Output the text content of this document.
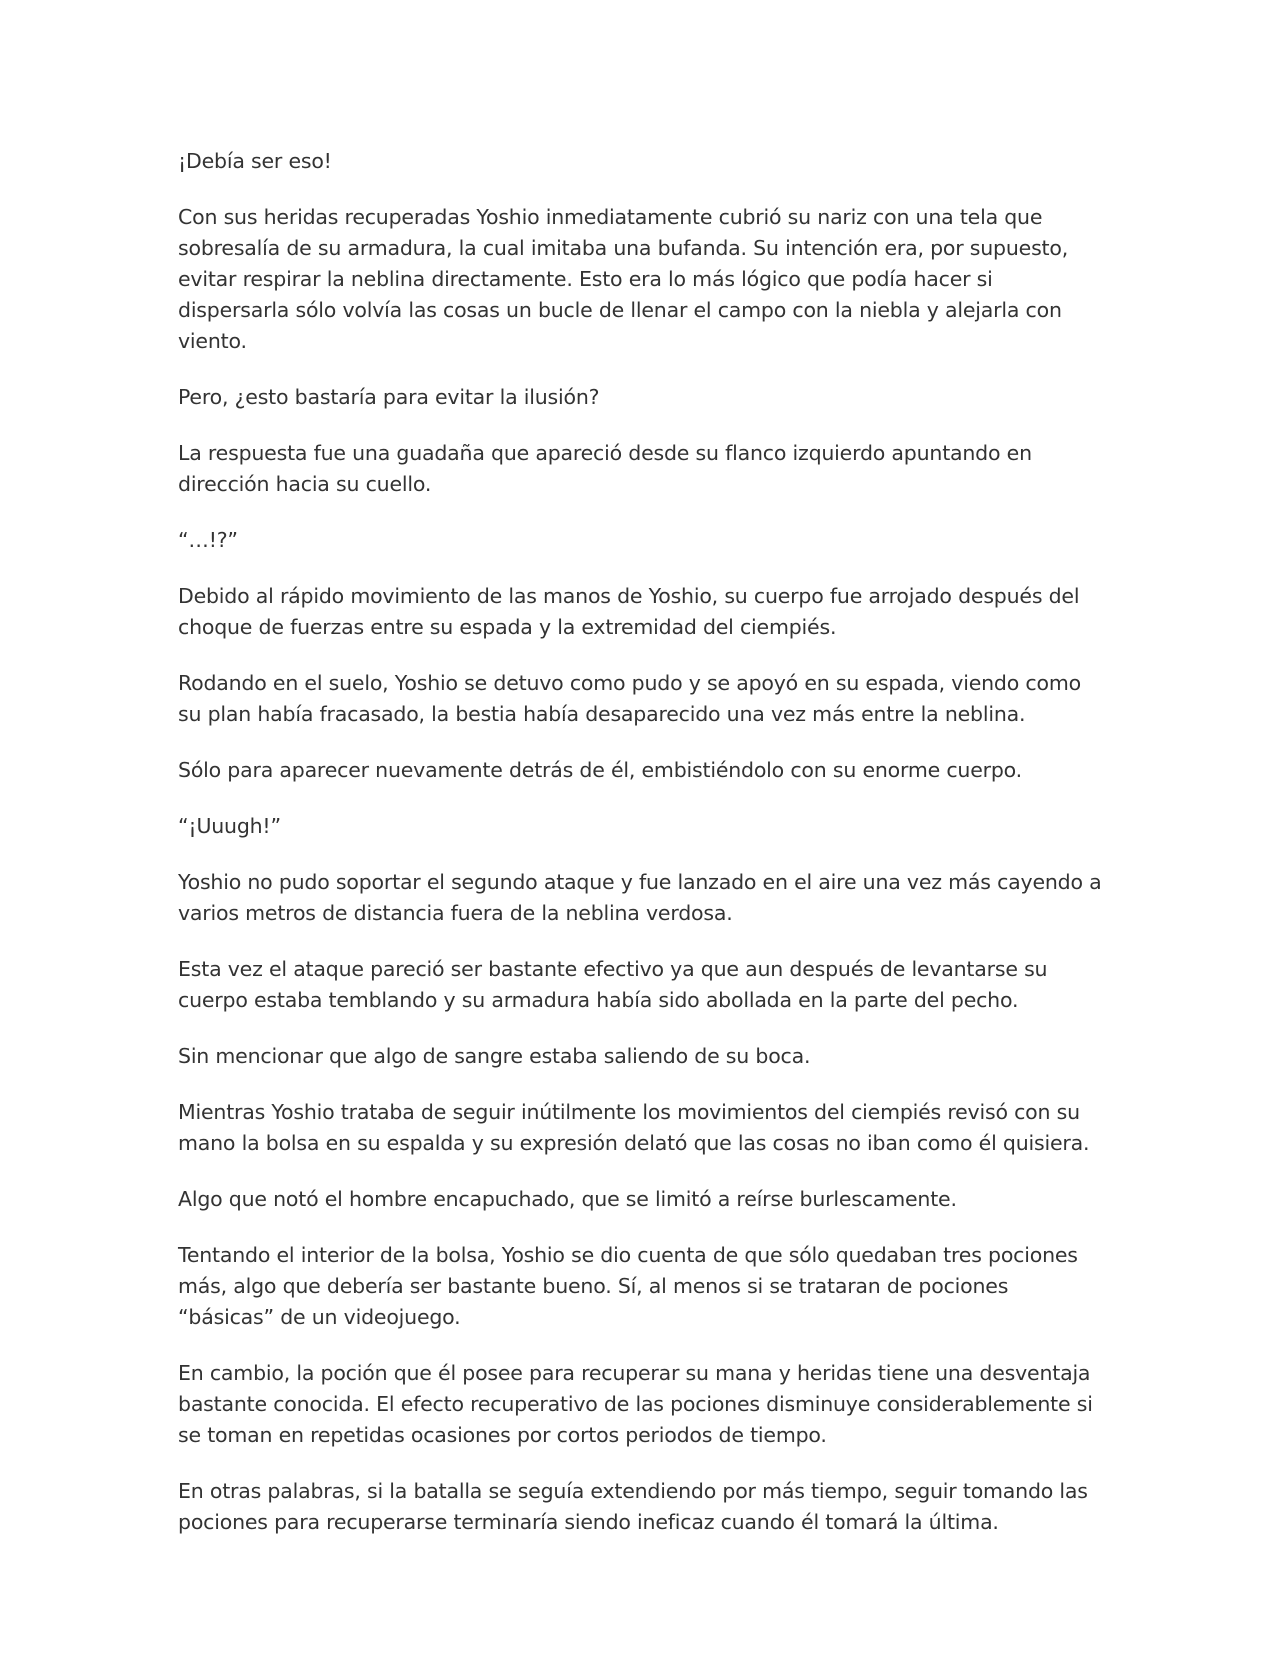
¡Debía ser eso!

Con sus heridas recuperadas Yoshio inmediatamente cubrió su nariz con una tela que sobresalía de su armadura, la cual imitaba una bufanda. Su intención era, por supuesto, evitar respirar la neblina directamente. Esto era lo más lógico que podía hacer si dispersarla sólo volvía las cosas un bucle de llenar el campo con la niebla y alejarla con viento.

Pero, ¿esto bastaría para evitar la ilusión?

La respuesta fue una guadaña que apareció desde su flanco izquierdo apuntando en dirección hacia su cuello.

“…!?”

Debido al rápido movimiento de las manos de Yoshio, su cuerpo fue arrojado después del choque de fuerzas entre su espada y la extremidad del ciempiés.

Rodando en el suelo, Yoshio se detuvo como pudo y se apoyó en su espada, viendo como su plan había fracasado, la bestia había desaparecido una vez más entre la neblina.

Sólo para aparecer nuevamente detrás de él, embistiéndolo con su enorme cuerpo.

“¡Uuugh!”

Yoshio no pudo soportar el segundo ataque y fue lanzado en el aire una vez más cayendo a varios metros de distancia fuera de la neblina verdosa.

Esta vez el ataque pareció ser bastante efectivo ya que aun después de levantarse su cuerpo estaba temblando y su armadura había sido abollada en la parte del pecho.

Sin mencionar que algo de sangre estaba saliendo de su boca.

Mientras Yoshio trataba de seguir inútilmente los movimientos del ciempiés revisó con su mano la bolsa en su espalda y su expresión delató que las cosas no iban como él quisiera.

Algo que notó el hombre encapuchado, que se limitó a reírse burlescamente.

Tentando el interior de la bolsa, Yoshio se dio cuenta de que sólo quedaban tres pociones más, algo que debería ser bastante bueno. Sí, al menos si se trataran de pociones “básicas” de un videojuego.

En cambio, la poción que él posee para recuperar su mana y heridas tiene una desventaja bastante conocida. El efecto recuperativo de las pociones disminuye considerablemente si se toman en repetidas ocasiones por cortos periodos de tiempo.

En otras palabras, si la batalla se seguía extendiendo por más tiempo, seguir tomando las pociones para recuperarse terminaría siendo ineficaz cuando él tomará la última.
